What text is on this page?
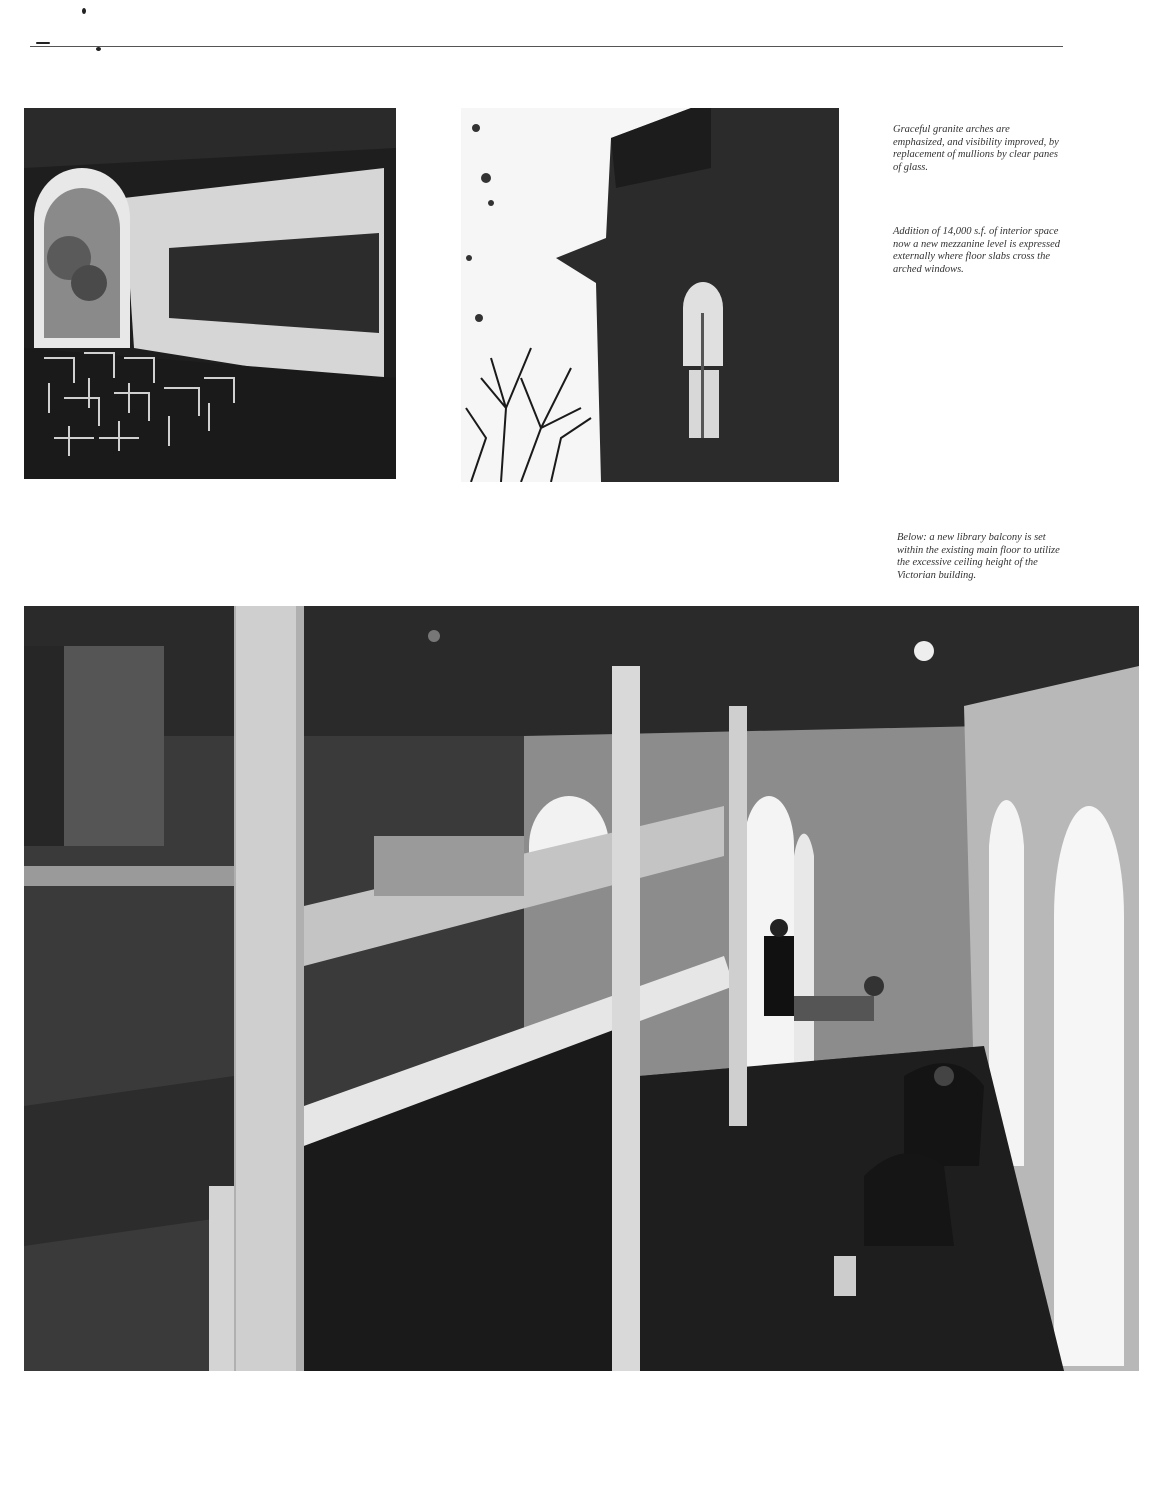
Graceful granite arches are emphasized, and visibility improved, by replacement of mullions by clear panes of glass.
Addition of 14,000 s.f. of interior space now a new mezzanine level is expressed externally where floor slabs cross the arched windows.
Below: a new library balcony is set within the existing main floor to utilize the excessive ceiling height of the Victorian building.
